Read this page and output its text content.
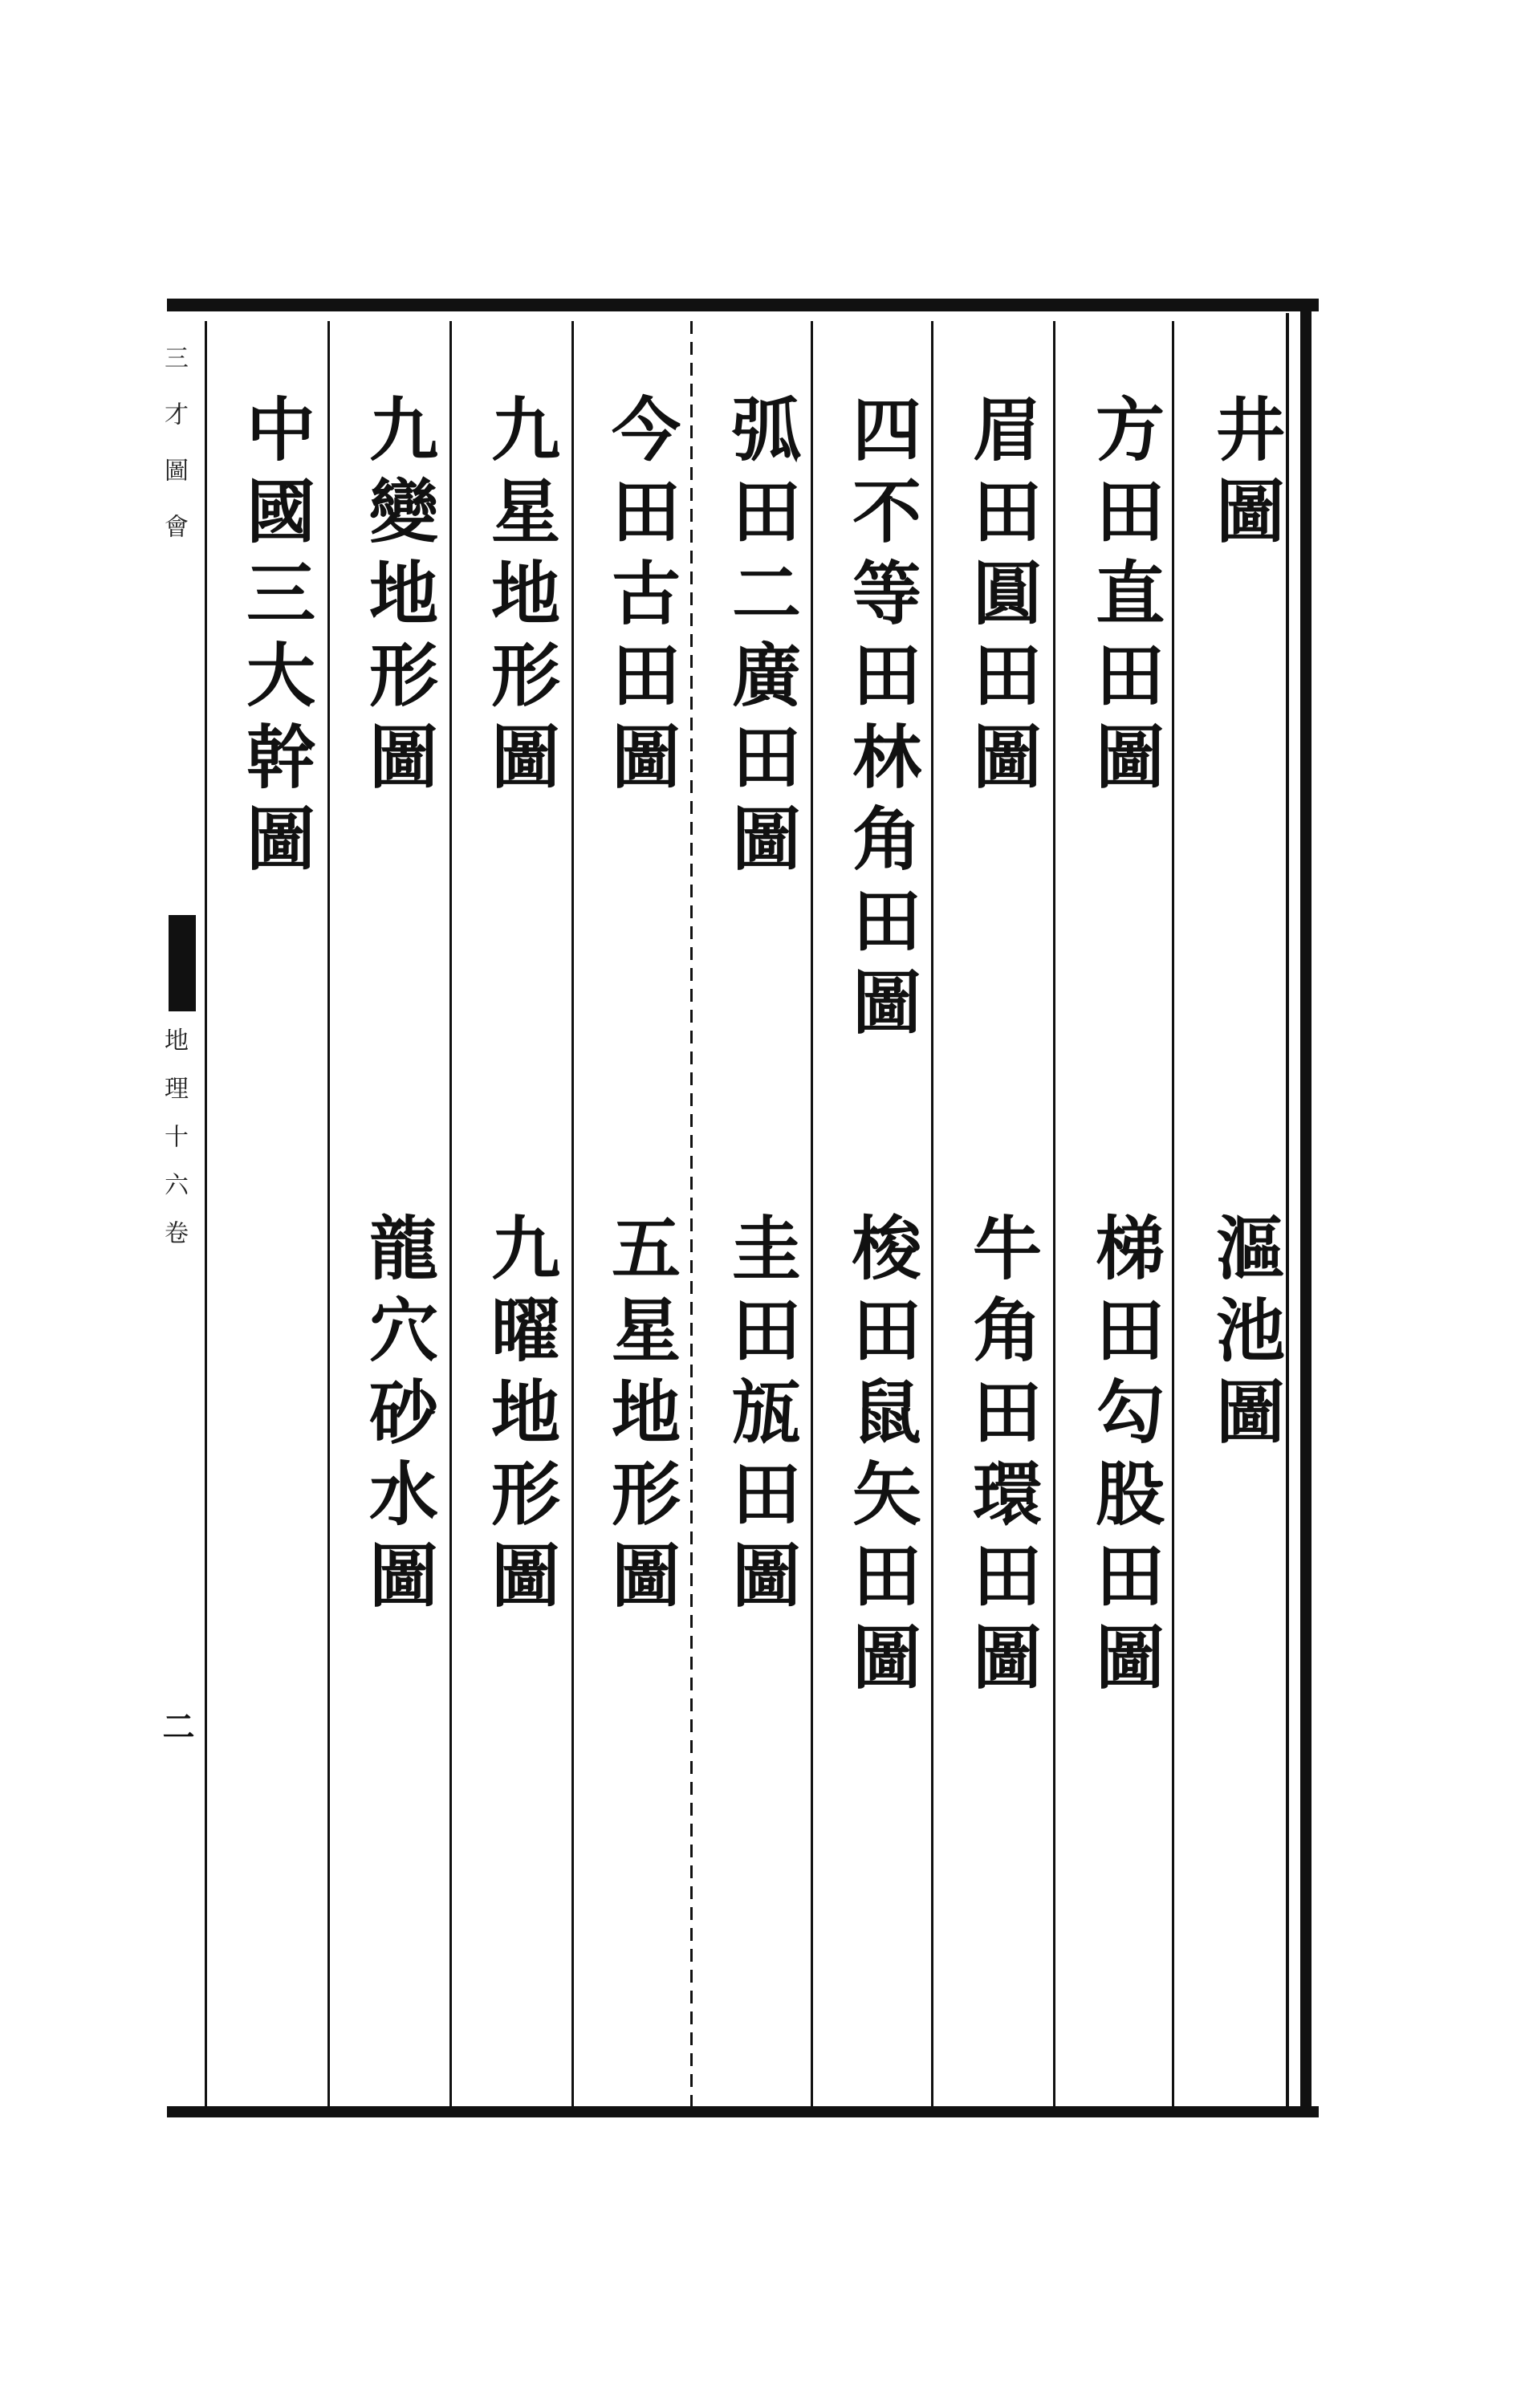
井圖
漚池圖
方田直田圖
梯田勾股田圖
眉田圓田圖
牛角田環田圖
四不等田林角田圖
梭田鼠矢田圖
弧田二廣田圖
圭田瓬田圖
今田古田圖
五星地形圖
九星地形圖
九曜地形圖
九變地形圖
龍穴砂水圖
中國三大幹圖
三才圖會
地理十六卷
二
